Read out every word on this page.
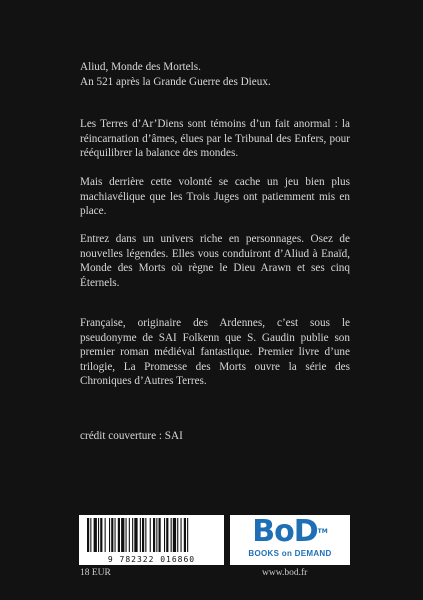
Aliud, Monde des Mortels.
An 521 après la Grande Guerre des Dieux.

Les Terres d’Ar’Diens sont témoins d’un fait anormal : la réincarnation d’âmes, élues par le Tribunal des Enfers, pour rééquilibrer la balance des mondes.

Mais derrière cette volonté se cache un jeu bien plus machiavélique que les Trois Juges ont patiemment mis en place.

Entrez dans un univers riche en personnages. Osez de nouvelles légendes. Elles vous conduiront d’Aliud à Enaïd, Monde des Morts où règne le Dieu Arawn et ses cinq Éternels.

Française, originaire des Ardennes, c’est sous le pseudonyme de SAI Folkenn que S. Gaudin publie son premier roman médiéval fantastique. Premier livre d’une trilogie, La Promesse des Morts ouvre la série des Chroniques d’Autres Terres.

crédit couverture : SAI
9 782322 016860
BoD™
BOOKS on DEMAND
18 EUR	www.bod.fr
